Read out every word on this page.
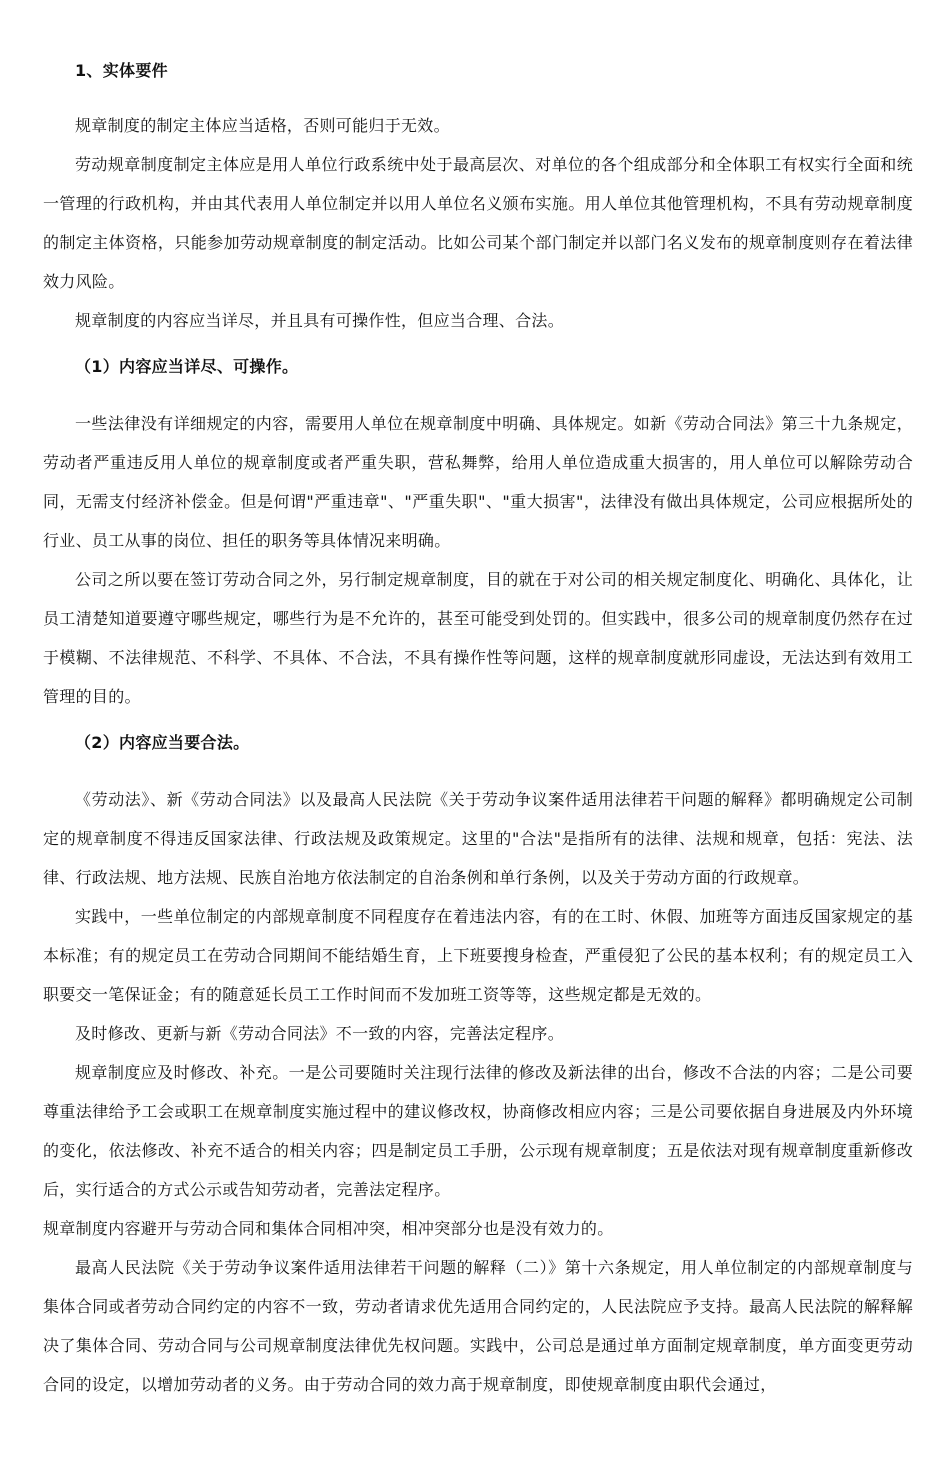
1、实体要件

规章制度的制定主体应当适格，否则可能归于无效。

劳动规章制度制定主体应是用人单位行政系统中处于最高层次、对单位的各个组成部分和全体职工有权实行全面和统一管理的行政机构，并由其代表用人单位制定并以用人单位名义颁布实施。用人单位其他管理机构，不具有劳动规章制度的制定主体资格，只能参加劳动规章制度的制定活动。比如公司某个部门制定并以部门名义发布的规章制度则存在着法律效力风险。

规章制度的内容应当详尽，并且具有可操作性，但应当合理、合法。

（1）内容应当详尽、可操作。

一些法律没有详细规定的内容，需要用人单位在规章制度中明确、具体规定。如新《劳动合同法》第三十九条规定，劳动者严重违反用人单位的规章制度或者严重失职，营私舞弊，给用人单位造成重大损害的，用人单位可以解除劳动合同，无需支付经济补偿金。但是何谓"严重违章"、"严重失职"、"重大损害"，法律没有做出具体规定，公司应根据所处的行业、员工从事的岗位、担任的职务等具体情况来明确。

公司之所以要在签订劳动合同之外，另行制定规章制度，目的就在于对公司的相关规定制度化、明确化、具体化，让员工清楚知道要遵守哪些规定，哪些行为是不允许的，甚至可能受到处罚的。但实践中，很多公司的规章制度仍然存在过于模糊、不法律规范、不科学、不具体、不合法，不具有操作性等问题，这样的规章制度就形同虚设，无法达到有效用工管理的目的。

（2）内容应当要合法。

《劳动法》、新《劳动合同法》以及最高人民法院《关于劳动争议案件适用法律若干问题的解释》都明确规定公司制定的规章制度不得违反国家法律、行政法规及政策规定。这里的"合法"是指所有的法律、法规和规章，包括：宪法、法律、行政法规、地方法规、民族自治地方依法制定的自治条例和单行条例，以及关于劳动方面的行政规章。

实践中，一些单位制定的内部规章制度不同程度存在着违法内容，有的在工时、休假、加班等方面违反国家规定的基本标准；有的规定员工在劳动合同期间不能结婚生育，上下班要搜身检查，严重侵犯了公民的基本权利；有的规定员工入职要交一笔保证金；有的随意延长员工工作时间而不发加班工资等等，这些规定都是无效的。

及时修改、更新与新《劳动合同法》不一致的内容，完善法定程序。

规章制度应及时修改、补充。一是公司要随时关注现行法律的修改及新法律的出台，修改不合法的内容；二是公司要尊重法律给予工会或职工在规章制度实施过程中的建议修改权，协商修改相应内容；三是公司要依据自身进展及内外环境的变化，依法修改、补充不适合的相关内容；四是制定员工手册，公示现有规章制度；五是依法对现有规章制度重新修改后，实行适合的方式公示或告知劳动者，完善法定程序。

规章制度内容避开与劳动合同和集体合同相冲突，相冲突部分也是没有效力的。

最高人民法院《关于劳动争议案件适用法律若干问题的解释（二）》第十六条规定，用人单位制定的内部规章制度与集体合同或者劳动合同约定的内容不一致，劳动者请求优先适用合同约定的，人民法院应予支持。最高人民法院的解释解决了集体合同、劳动合同与公司规章制度法律优先权问题。实践中，公司总是通过单方面制定规章制度，单方面变更劳动合同的设定，以增加劳动者的义务。由于劳动合同的效力高于规章制度，即使规章制度由职代会通过，
